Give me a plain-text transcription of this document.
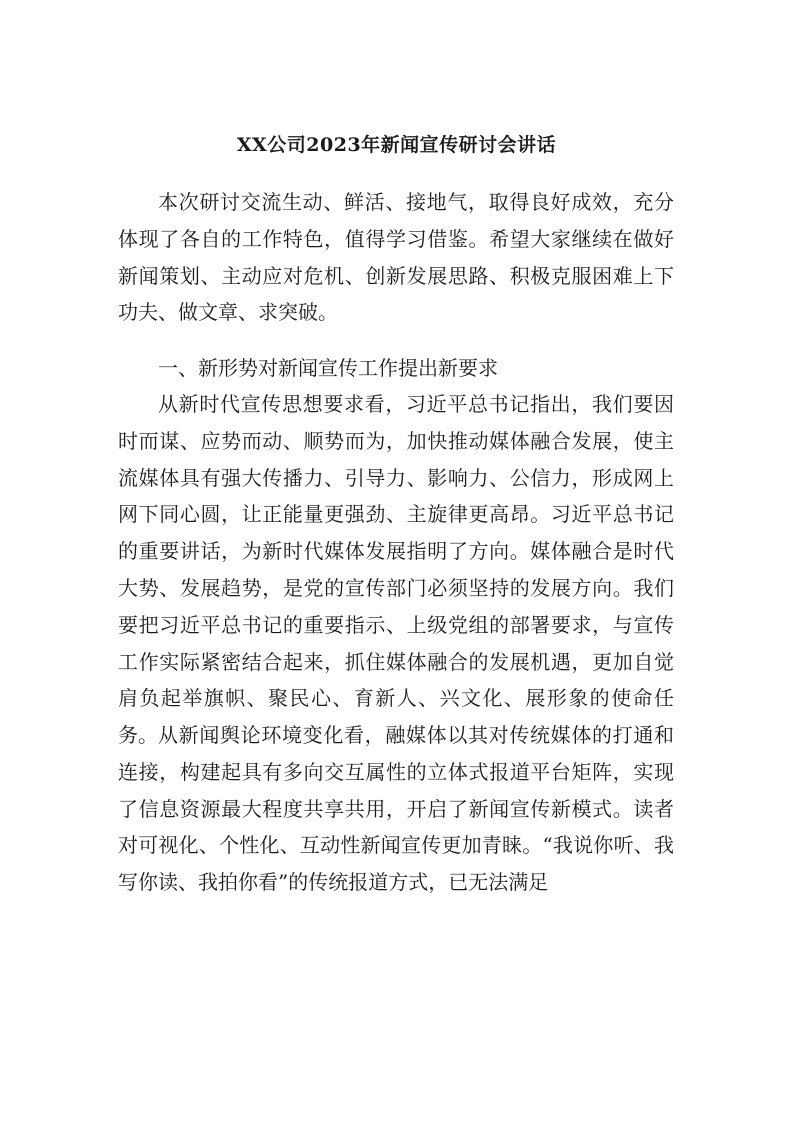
XX公司2023年新闻宣传研讨会讲话

本次研讨交流生动、鲜活、接地气，取得良好成效，充分体现了各自的工作特色，值得学习借鉴。希望大家继续在做好新闻策划、主动应对危机、创新发展思路、积极克服困难上下功夫、做文章、求突破。

一、新形势对新闻宣传工作提出新要求

从新时代宣传思想要求看，习近平总书记指出，我们要因时而谋、应势而动、顺势而为，加快推动媒体融合发展，使主流媒体具有强大传播力、引导力、影响力、公信力，形成网上网下同心圆，让正能量更强劲、主旋律更高昂。习近平总书记的重要讲话，为新时代媒体发展指明了方向。媒体融合是时代大势、发展趋势，是党的宣传部门必须坚持的发展方向。我们要把习近平总书记的重要指示、上级党组的部署要求，与宣传工作实际紧密结合起来，抓住媒体融合的发展机遇，更加自觉肩负起举旗帜、聚民心、育新人、兴文化、展形象的使命任务。 从新闻舆论环境变化看，融媒体以其对传统媒体的打通和连接，构建起具有多向交互属性的立体式报道平台矩阵，实现了信息资源最大程度共享共用，开启了新闻宣传新模式。读者对可视化、个性化、互动性新闻宣传更加青睐。“我说你听、我写你读、我拍你看”的传统报道方式，已无法满足
